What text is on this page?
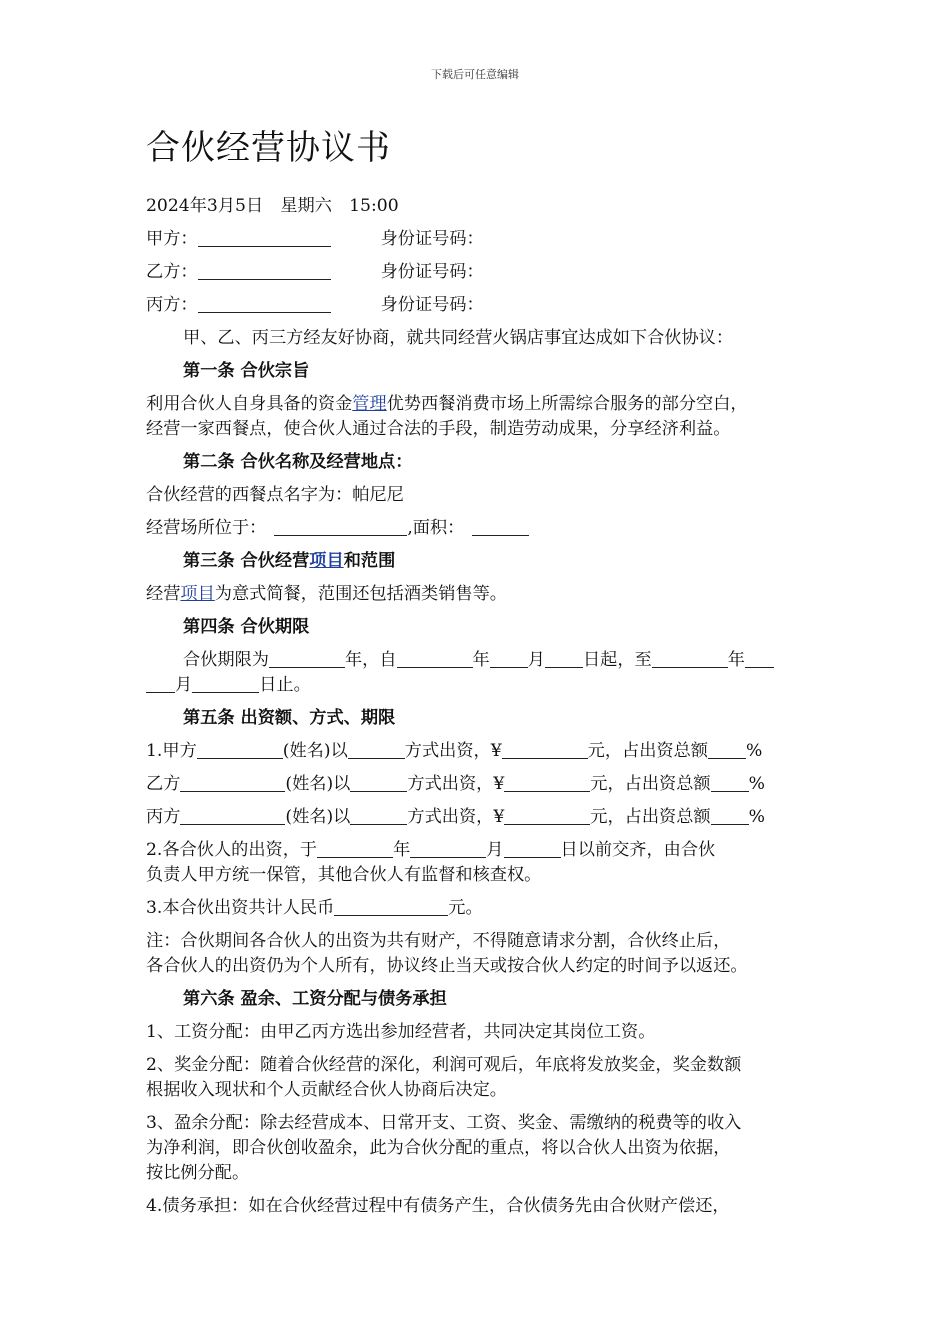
下载后可任意编辑
合伙经营协议书
2024年3月5日　星期六　15:00
甲方：	身份证号码：
乙方：	身份证号码：
丙方：	身份证号码：
甲、乙、丙三方经友好协商，就共同经营火锅店事宜达成如下合伙协议：
第一条 合伙宗旨
利用合伙人自身具备的资金管理优势西餐消费市场上所需综合服务的部分空白，
经营一家西餐点，使合伙人通过合法的手段，制造劳动成果，分享经济利益。
第二条 合伙名称及经营地点：
合伙经营的西餐点名字为：帕尼尼
经营场所位于：	,面积：
第三条 合伙经营项目和范围
经营项目为意式简餐，范围还包括酒类销售等。
第四条 合伙期限
合伙期限为	年，自	年 月 日起，至	年
月	日止。
第五条 出资额、方式、期限
1.甲方	(姓名)以	方式出资，¥	元，占出资总额 %
乙方	(姓名)以	方式出资，¥	元，占出资总额 %
丙方	(姓名)以	方式出资，¥	元，占出资总额 %
2.各合伙人的出资，于	年	月	日以前交齐，由合伙
负责人甲方统一保管，其他合伙人有监督和核查权。
3.本合伙出资共计人民币	元。
注：合伙期间各合伙人的出资为共有财产，不得随意请求分割，合伙终止后，
各合伙人的出资仍为个人所有，协议终止当天或按合伙人约定的时间予以返还。
第六条 盈余、工资分配与债务承担
1、工资分配：由甲乙丙方选出参加经营者，共同决定其岗位工资。
2、奖金分配：随着合伙经营的深化，利润可观后，年底将发放奖金，奖金数额
根据收入现状和个人贡献经合伙人协商后决定。
3、盈余分配：除去经营成本、日常开支、工资、奖金、需缴纳的税费等的收入
为净利润，即合伙创收盈余，此为合伙分配的重点，将以合伙人出资为依据，
按比例分配。
4.债务承担：如在合伙经营过程中有债务产生，合伙债务先由合伙财产偿还，
